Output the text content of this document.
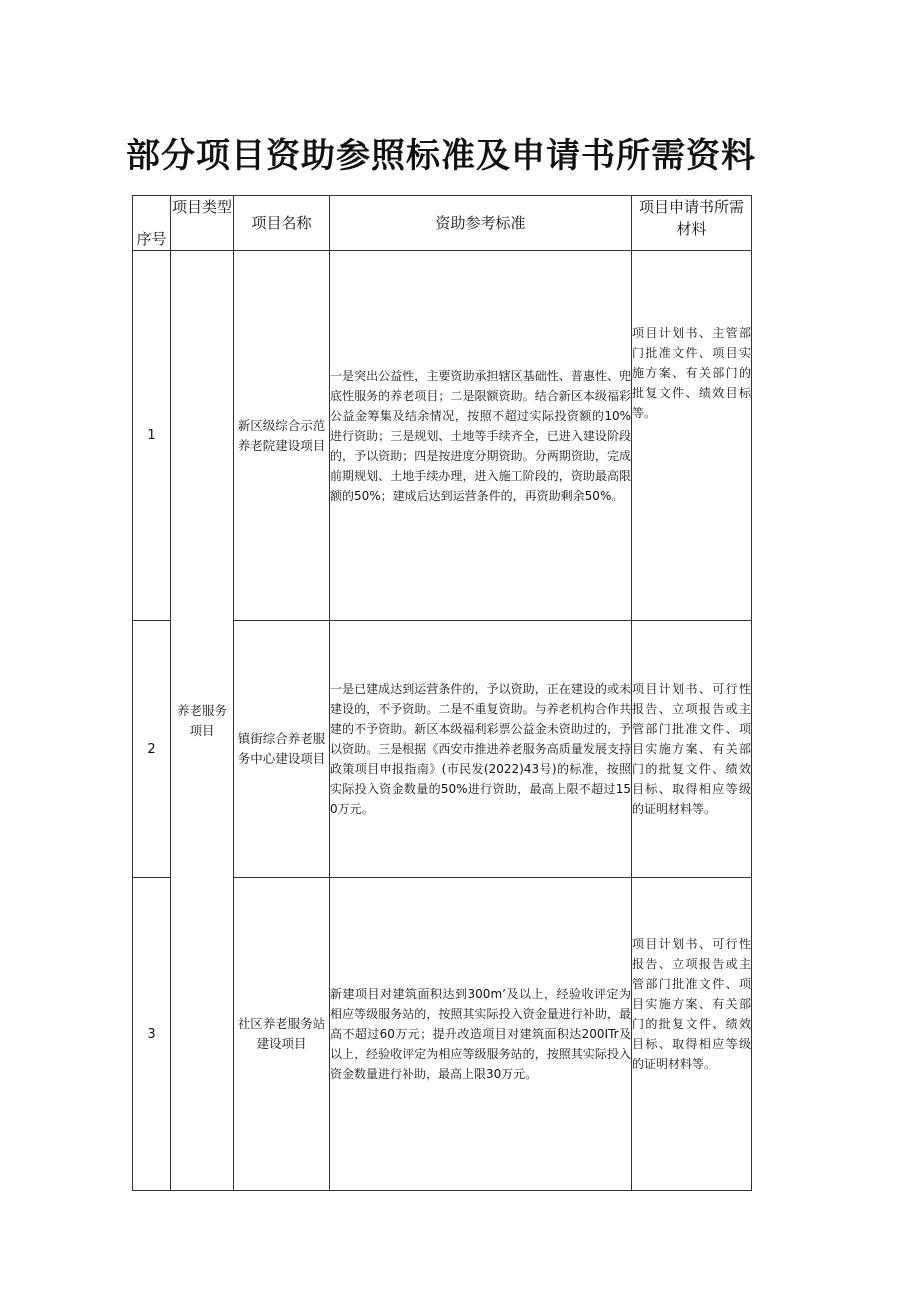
部分项目资助参照标准及申请书所需资料
序号	项目类型	项目名称	资助参考标准	项目申请书所需材料
1	养老服务项目	新区级综合示范养老院建设项目	一是突出公益性，主要资助承担辖区基础性、普惠性、兜底性服务的养老项目；二是限额资助。结合新区本级福彩公益金筹集及结余情况，按照不超过实际投资额的10%进行资助；三是规划、土地等手续齐全，已进入建设阶段的，予以资助；四是按进度分期资助。分两期资助，完成前期规划、土地手续办理，进入施工阶段的，资助最高限额的50%；建成后达到运营条件的，再资助剩余50%。	项目计划书、主管部门批准文件、项目实施方案、有关部门的批复文件、绩效目标等。
2		镇街综合养老服务中心建设项目	一是已建成达到运营条件的，予以资助，正在建设的或未建设的，不予资助。二是不重复资助。与养老机构合作共建的不予资助。新区本级福利彩票公益金未资助过的，予以资助。三是根据《西安市推进养老服务高质量发展支持政策项目申报指南》(市民发(2022)43号)的标准，按照实际投入资金数量的50%进行资助，最高上限不超过150万元。	项目计划书、可行性报告、立项报告或主管部门批准文件、项目实施方案、有关部门的批复文件、绩效目标、取得相应等级的证明材料等。
3		社区养老服务站建设项目	新建项目对建筑面积达到300m’及以上，经验收评定为相应等级服务站的，按照其实际投入资金量进行补助，最高不超过60万元；提升改造项目对建筑面积达200ITr及以上，经验收评定为相应等级服务站的，按照其实际投入资金数量进行补助，最高上限30万元。	项目计划书、可行性报告、立项报告或主管部门批准文件、项目实施方案、有关部门的批复文件、绩效目标、取得相应等级的证明材料等。
